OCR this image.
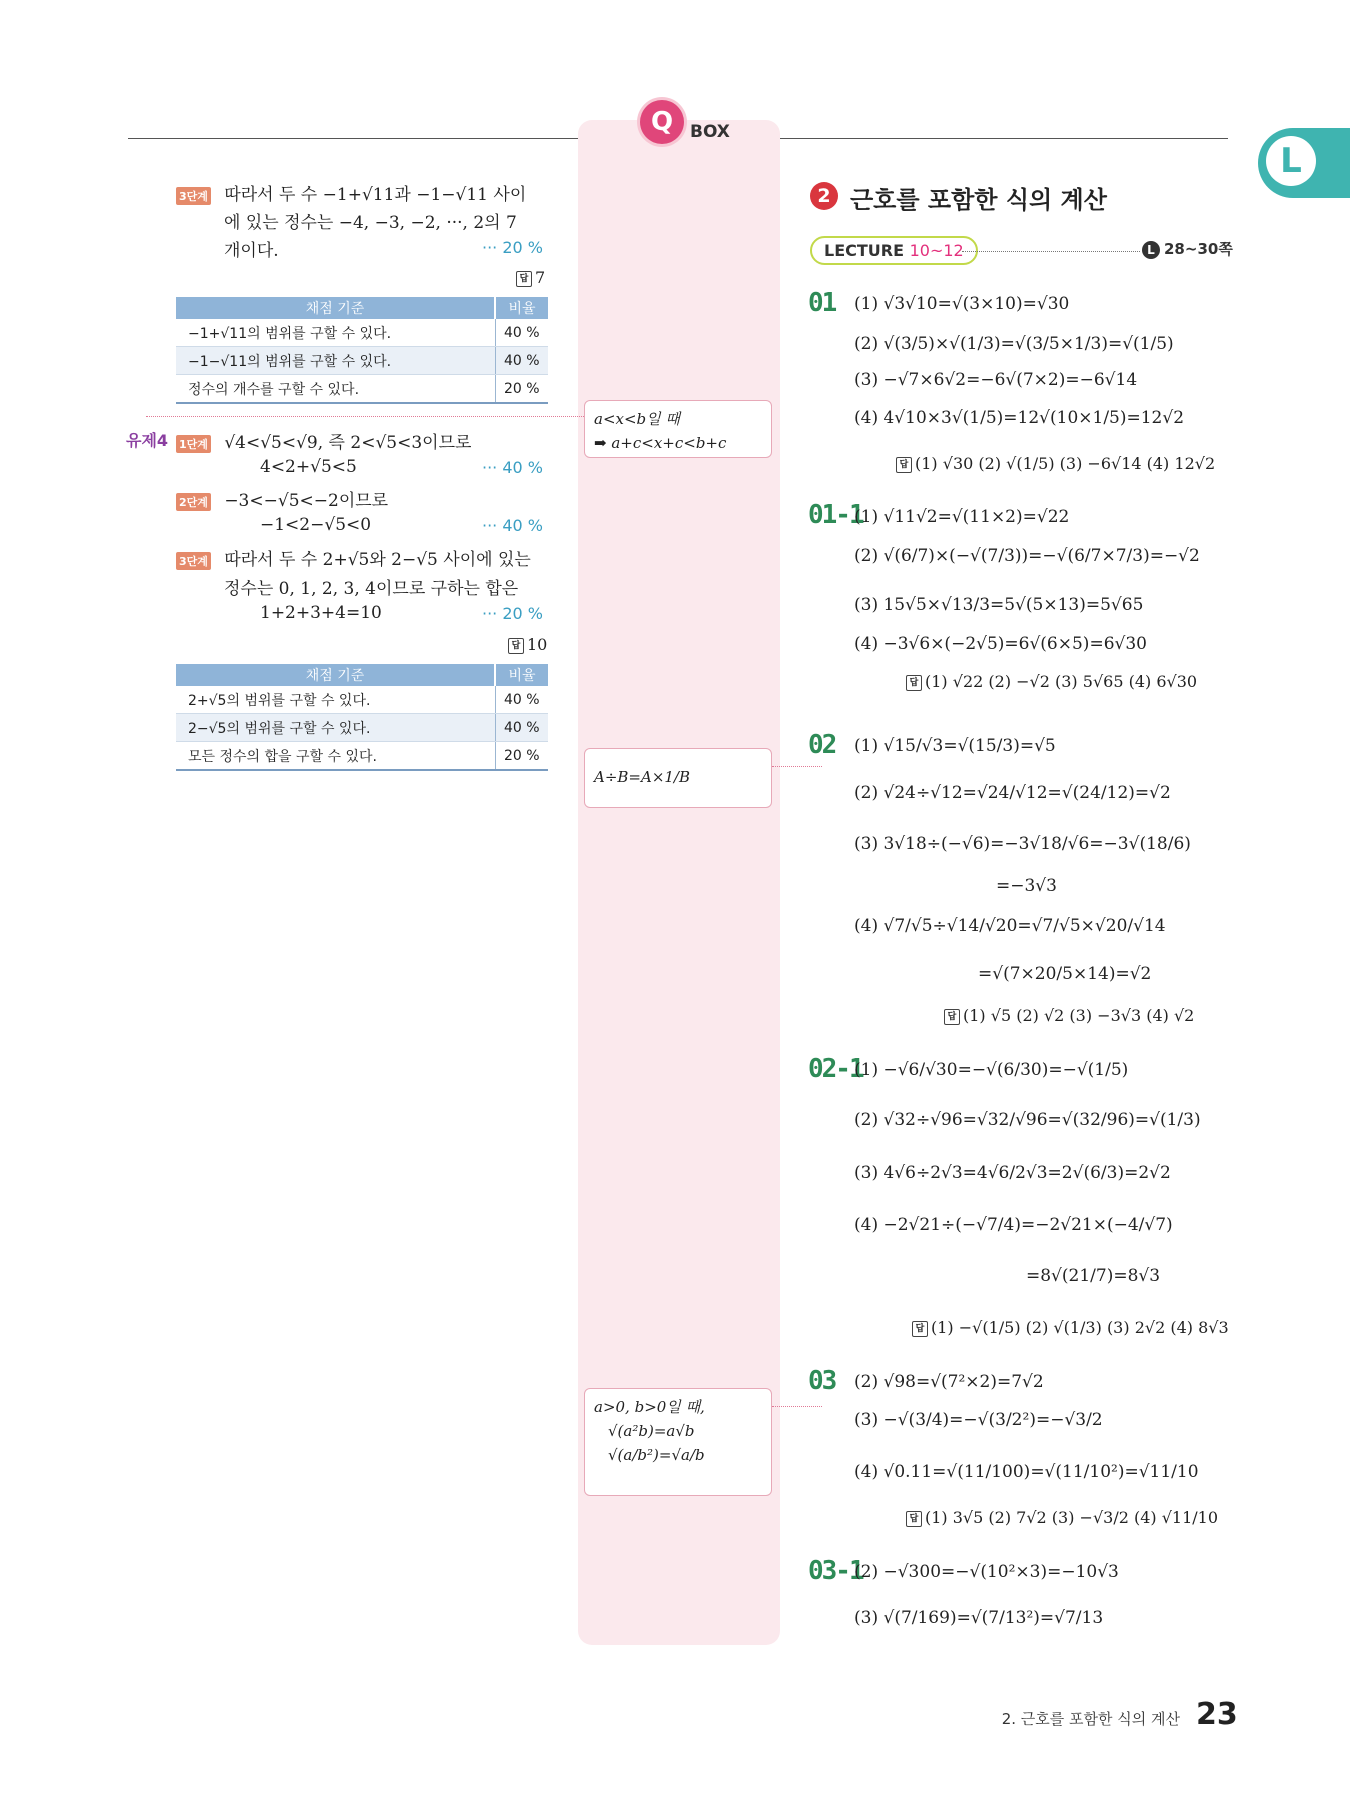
Q BOX
L
a<x<b일 때
➡ a+c<x+c<b+c
A÷B=A×1/B
a>0, b>0일 때,
√(a²b)=a√b
√(a/b²)=√a/b
3단계 따라서 두 수 −1+√11과 −1−√11 사이
에 있는 정수는 −4, −3, −2, ···, 2의 7
개이다.	··· 20 %
답 7
채점 기준	비율
−1+√11의 범위를 구할 수 있다.	40 %
−1−√11의 범위를 구할 수 있다.	40 %
정수의 개수를 구할 수 있다.	20 %
유제4 1단계 √4<√5<√9, 즉 2<√5<3이므로
4<2+√5<5	··· 40 %
2단계 −3<−√5<−2이므로
−1<2−√5<0	··· 40 %
3단계 따라서 두 수 2+√5와 2−√5 사이에 있는
정수는 0, 1, 2, 3, 4이므로 구하는 합은
1+2+3+4=10	··· 20 %
답 10
채점 기준	비율
2+√5의 범위를 구할 수 있다.	40 %
2−√5의 범위를 구할 수 있다.	40 %
모든 정수의 합을 구할 수 있다.	20 %
2 근호를 포함한 식의 계산
LECTURE 10~12	L 28~30쪽
01 (1) √3√10=√(3×10)=√30
(2) √(3/5)×√(1/3)=√(3/5×1/3)=√(1/5)
(3) −√7×6√2=−6√(7×2)=−6√14
(4) 4√10×3√(1/5)=12√(10×1/5)=12√2
답 (1) √30 (2) √(1/5) (3) −6√14 (4) 12√2
01-1
(1) √11√2=√(11×2)=√22
(2) √(6/7)×(−√(7/3))=−√(6/7×7/3)=−√2
(3) 15√5×√13/3=5√(5×13)=5√65
(4) −3√6×(−2√5)=6√(6×5)=6√30
답 (1) √22 (2) −√2 (3) 5√65 (4) 6√30
02 (1) √15/√3=√(15/3)=√5
(2) √24÷√12=√24/√12=√(24/12)=√2
(3) 3√18÷(−√6)=−3√18/√6=−3√(18/6)
=−3√3
(4) √7/√5÷√14/√20=√7/√5×√20/√14
=√(7×20/5×14)=√2
답 (1) √5 (2) √2 (3) −3√3 (4) √2
02-1
(1) −√6/√30=−√(6/30)=−√(1/5)
(2) √32÷√96=√32/√96=√(32/96)=√(1/3)
(3) 4√6÷2√3=4√6/2√3=2√(6/3)=2√2
(4) −2√21÷(−√7/4)=−2√21×(−4/√7)
=8√(21/7)=8√3
답 (1) −√(1/5) (2) √(1/3) (3) 2√2 (4) 8√3
03 (2) √98=√(7²×2)=7√2
(3) −√(3/4)=−√(3/2²)=−√3/2
(4) √0.11=√(11/100)=√(11/10²)=√11/10
답 (1) 3√5 (2) 7√2 (3) −√3/2 (4) √11/10
03-1
(2) −√300=−√(10²×3)=−10√3
(3) √(7/169)=√(7/13²)=√7/13
2. 근호를 포함한 식의 계산 23
